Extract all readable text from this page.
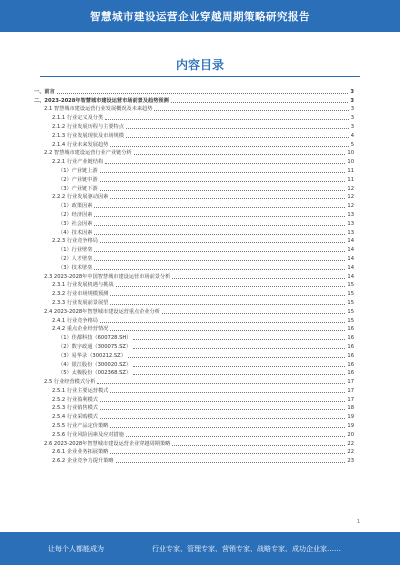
智慧城市建设运营企业穿越周期策略研究报告
内容目录
一、前言	3
二、2023-2028年智慧城市建设运营市场前景及趋势预测	3
2.1 智慧城市建设运营行业发展概况及未来趋势	3
2.1.1 行业定义及分类	3
2.1.2 行业发展历程与主要特点	3
2.1.3 行业发展现状及市场规模	4
2.1.4 行业未来发展趋势	5
2.2 智慧城市建设运营行业产业链分析	10
2.2.1 行业产业链结构	10
（1）产业链上游	11
（2）产业链中游	11
（3）产业链下游	12
2.2.2 行业发展驱动因素	12
（1）政策因素	12
（2）经济因素	13
（3）社会因素	13
（4）技术因素	13
2.2.3 行业竞争格局	14
（1）行业壁垒	14
（2）人才壁垒	14
（3）技术壁垒	14
2.3 2023-2028年中国智慧城市建设运营市场前景分析	14
2.3.1 行业发展机遇与挑战	15
2.3.2 行业市场规模预测	15
2.3.3 行业发展前景展望	15
2.4 2023-2028年智慧城市建设运营重点企业分析	15
2.4.1 行业竞争格局	15
2.4.2 重点企业经营情况	16
（1）佳都科技（600728.SH）	16
（2）数字政通（300075.SZ）	16
（3）易华录（300212.SZ）	16
（4）银江股份（300020.SZ）	16
（5）太极股份（002368.SZ）	16
2.5 行业经营模式分析	17
2.5.1 行业主要运营模式	17
2.5.2 行业盈利模式	17
2.5.3 行业销售模式	18
2.5.4 行业采购模式	19
2.5.5 行业产品定价策略	19
2.5.6 行业风险因素及应对措施	20
2.6 2023-2028年智慧城市建设运营企业穿越周期策略	22
2.6.1 企业业务拓展策略	22
2.6.2 企业竞争力提升策略	23
1
让每个人都能成为	行业专家、管理专家、营销专家、战略专家、成功企业家……
